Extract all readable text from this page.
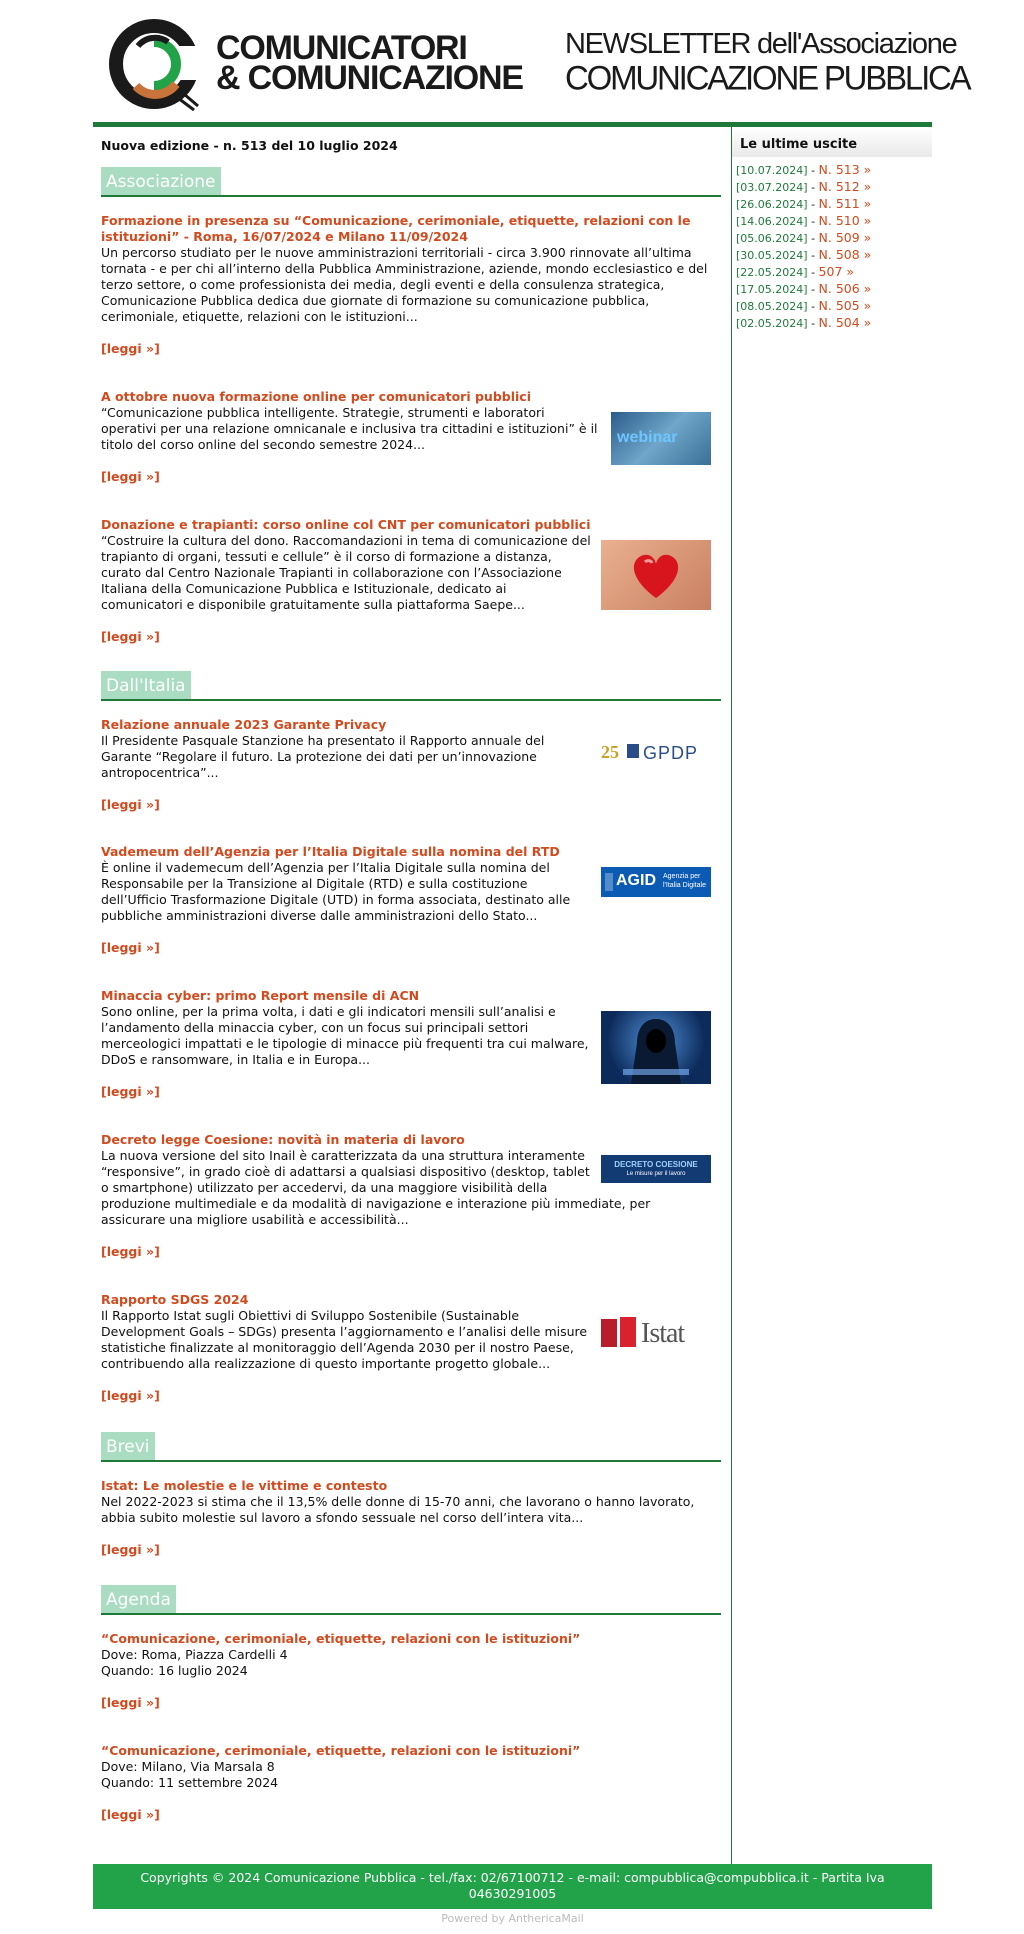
COMUNICATORI
& COMUNICAZIONE
NEWSLETTER dell'Associazione
COMUNICAZIONE PUBBLICA
Nuova edizione - n. 513 del 10 luglio 2024
Associazione
Formazione in presenza su “Comunicazione, cerimoniale, etiquette, relazioni con le istituzioni” - Roma, 16/07/2024 e Milano 11/09/2024
Un percorso studiato per le nuove amministrazioni territoriali - circa 3.900 rinnovate all’ultima tornata - e per chi all’interno della Pubblica Amministrazione, aziende, mondo ecclesiastico e del terzo settore, o come professionista dei media, degli eventi e della consulenza strategica, Comunicazione Pubblica dedica due giornate di formazione su comunicazione pubblica, cerimoniale, etiquette, relazioni con le istituzioni...
[leggi »]
A ottobre nuova formazione online per comunicatori pubblici
webinar
“Comunicazione pubblica intelligente. Strategie, strumenti e laboratori operativi per una relazione omnicanale e inclusiva tra cittadini e istituzioni” è il titolo del corso online del secondo semestre 2024...
[leggi »]
Donazione e trapianti: corso online col CNT per comunicatori pubblici
“Costruire la cultura del dono. Raccomandazioni in tema di comunicazione del trapianto di organi, tessuti e cellule” è il corso di formazione a distanza, curato dal Centro Nazionale Trapianti in collaborazione con l’Associazione Italiana della Comunicazione Pubblica e Istituzionale, dedicato ai comunicatori e disponibile gratuitamente sulla piattaforma Saepe...
[leggi »]
Dall'Italia
Relazione annuale 2023 Garante Privacy
25 GPDP
Il Presidente Pasquale Stanzione ha presentato il Rapporto annuale del Garante “Regolare il futuro. La protezione dei dati per un’innovazione antropocentrica”...
[leggi »]
Vademeum dell’Agenzia per l’Italia Digitale sulla nomina del RTD
AGID Agenzia per
l'Italia Digitale
È online il vademecum dell’Agenzia per l’Italia Digitale sulla nomina del Responsabile per la Transizione al Digitale (RTD) e sulla costituzione dell’Ufficio Trasformazione Digitale (UTD) in forma associata, destinato alle pubbliche amministrazioni diverse dalle amministrazioni dello Stato...
[leggi »]
Minaccia cyber: primo Report mensile di ACN
Sono online, per la prima volta, i dati e gli indicatori mensili sull’analisi e l’andamento della minaccia cyber, con un focus sui principali settori merceologici impattati e le tipologie di minacce più frequenti tra cui malware, DDoS e ransomware, in Italia e in Europa...
[leggi »]
Decreto legge Coesione: novità in materia di lavoro
DECRETO COESIONE
Le misure per il lavoro
La nuova versione del sito Inail è caratterizzata da una struttura interamente “responsive”, in grado cioè di adattarsi a qualsiasi dispositivo (desktop, tablet o smartphone) utilizzato per accedervi, da una maggiore visibilità della produzione multimediale e da modalità di navigazione e interazione più immediate, per assicurare una migliore usabilità e accessibilità...
[leggi »]
Rapporto SDGS 2024
Istat
Il Rapporto Istat sugli Obiettivi di Sviluppo Sostenibile (Sustainable Development Goals – SDGs) presenta l’aggiornamento e l’analisi delle misure statistiche finalizzate al monitoraggio dell’Agenda 2030 per il nostro Paese, contribuendo alla realizzazione di questo importante progetto globale...
[leggi »]
Brevi
Istat: Le molestie e le vittime e contesto
Nel 2022-2023 si stima che il 13,5% delle donne di 15-70 anni, che lavorano o hanno lavorato, abbia subito molestie sul lavoro a sfondo sessuale nel corso dell’intera vita...
[leggi »]
Agenda
“Comunicazione, cerimoniale, etiquette, relazioni con le istituzioni”
Dove: Roma, Piazza Cardelli 4
Quando: 16 luglio 2024
[leggi »]
“Comunicazione, cerimoniale, etiquette, relazioni con le istituzioni”
Dove: Milano, Via Marsala 8
Quando: 11 settembre 2024
[leggi »]
Le ultime uscite
[10.07.2024] - N. 513 »
[03.07.2024] - N. 512 »
[26.06.2024] - N. 511 »
[14.06.2024] - N. 510 »
[05.06.2024] - N. 509 »
[30.05.2024] - N. 508 »
[22.05.2024] - 507 »
[17.05.2024] - N. 506 »
[08.05.2024] - N. 505 »
[02.05.2024] - N. 504 »
Copyrights © 2024 Comunicazione Pubblica - tel./fax: 02/67100712 - e-mail: compubblica@compubblica.it - Partita Iva
04630291005
Powered by AnthericaMail
